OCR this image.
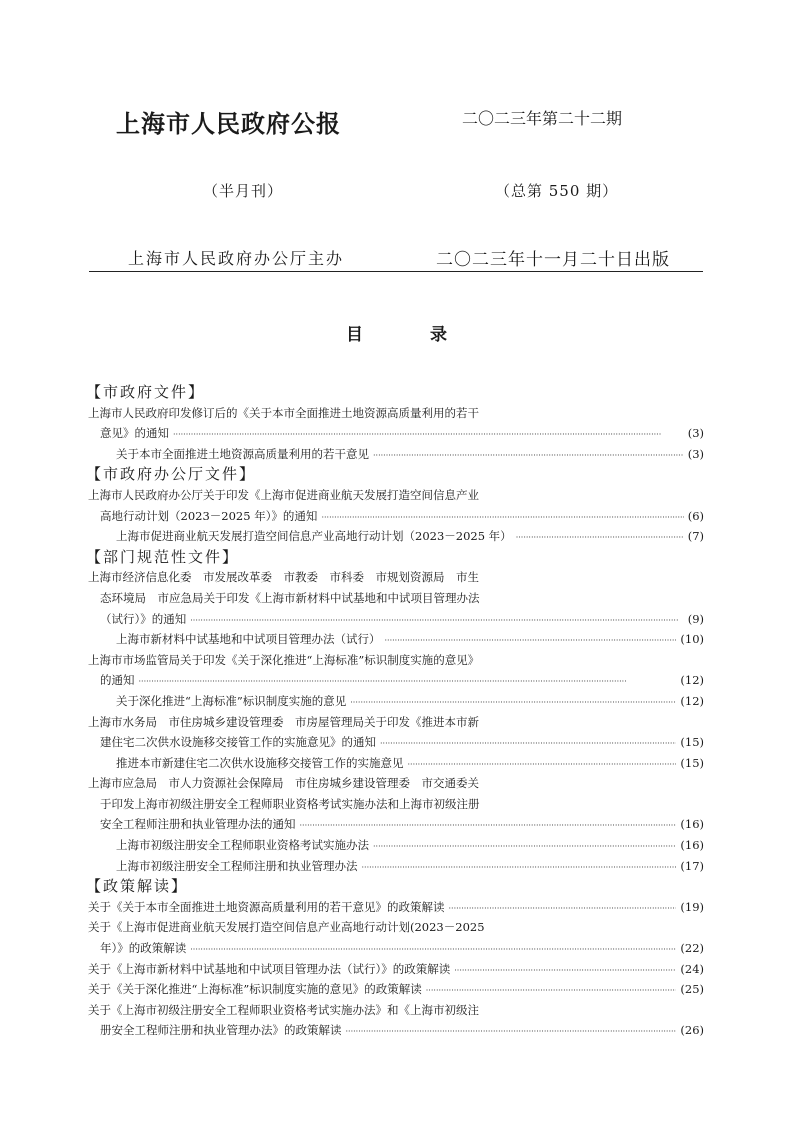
上海市人民政府公报	二〇二三年第二十二期
（半月刊）	（总第 550 期）
上海市人民政府办公厅主办	二〇二三年十一月二十日出版
目	录
【市政府文件】
上海市人民政府印发修订后的《关于本市全面推进土地资源高质量利用的若干
意见》的通知 ·····	(3)
关于本市全面推进土地资源高质量利用的若干意见 ·····	(3)
【市政府办公厅文件】
上海市人民政府办公厅关于印发《上海市促进商业航天发展打造空间信息产业
高地行动计划（2023－2025 年）》的通知 ·····	(6)
上海市促进商业航天发展打造空间信息产业高地行动计划（2023－2025 年） ·····	(7)
【部门规范性文件】
上海市经济信息化委　市发展改革委　市教委　市科委　市规划资源局　市生
态环境局　市应急局关于印发《上海市新材料中试基地和中试项目管理办法
（试行）》的通知 ·····	(9)
上海市新材料中试基地和中试项目管理办法（试行） ·····	(10)
上海市市场监管局关于印发《关于深化推进“上海标准”标识制度实施的意见》
的通知 ·····	(12)
关于深化推进“上海标准”标识制度实施的意见 ·····	(12)
上海市水务局　市住房城乡建设管理委　市房屋管理局关于印发《推进本市新
建住宅二次供水设施移交接管工作的实施意见》的通知 ·····	(15)
推进本市新建住宅二次供水设施移交接管工作的实施意见 ·····	(15)
上海市应急局　市人力资源社会保障局　市住房城乡建设管理委　市交通委关
于印发上海市初级注册安全工程师职业资格考试实施办法和上海市初级注册
安全工程师注册和执业管理办法的通知 ·····	(16)
上海市初级注册安全工程师职业资格考试实施办法 ·····	(16)
上海市初级注册安全工程师注册和执业管理办法 ·····	(17)
【政策解读】
关于《关于本市全面推进土地资源高质量利用的若干意见》的政策解读 ·····	(19)
关于《上海市促进商业航天发展打造空间信息产业高地行动计划(2023－2025
年）》的政策解读 ·····	(22)
关于《上海市新材料中试基地和中试项目管理办法（试行）》的政策解读 ·····	(24)
关于《关于深化推进“上海标准”标识制度实施的意见》的政策解读 ·····	(25)
关于《上海市初级注册安全工程师职业资格考试实施办法》和《上海市初级注
册安全工程师注册和执业管理办法》的政策解读 ·····	(26)
